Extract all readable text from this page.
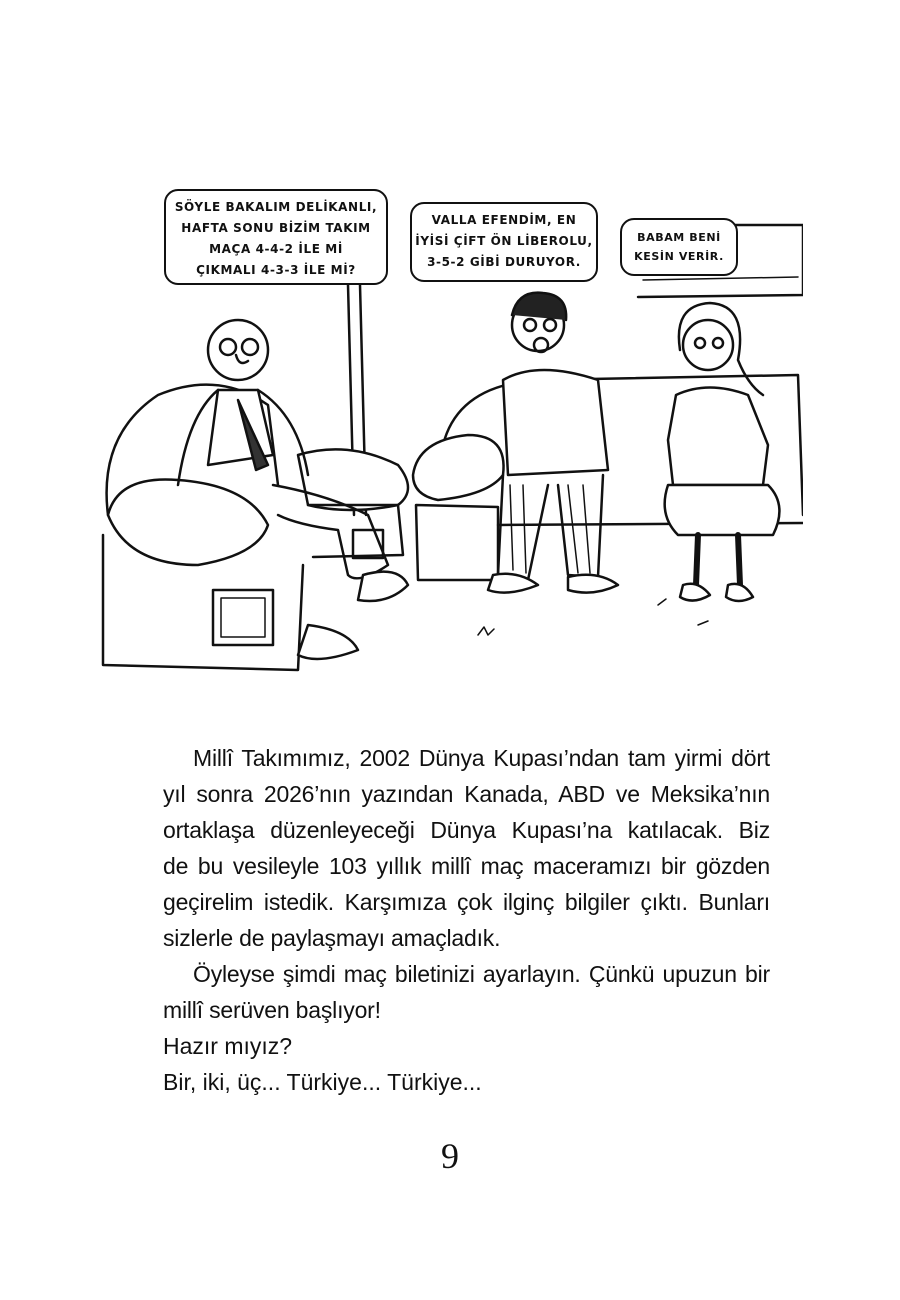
SÖYLE BAKALIM DELİKANLI,
HAFTA SONU BİZİM TAKIM
MAÇA 4-4-2 İLE Mİ
ÇIKMALI 4-3-3 İLE Mİ?
VALLA EFENDİM, EN
İYİSİ ÇİFT ÖN LİBEROLU,
3-5-2 GİBİ DURUYOR.
BABAM BENİ
KESİN VERİR.

Millî Takımımız, 2002 Dünya Kupası’ndan tam yirmi dört
yıl sonra 2026’nın yazından Kanada, ABD ve Meksika’nın
ortaklaşa düzenleyeceği Dünya Kupası’na katılacak. Biz
de bu vesileyle 103 yıllık millî maç maceramızı bir gözden
geçirelim istedik. Karşımıza çok ilginç bilgiler çıktı. Bunları
sizlerle de paylaşmayı amaçladık.

Öyleyse şimdi maç biletinizi ayarlayın. Çünkü upuzun bir
millî serüven başlıyor!

Hazır mıyız?

Bir, iki, üç... Türkiye... Türkiye...

9
